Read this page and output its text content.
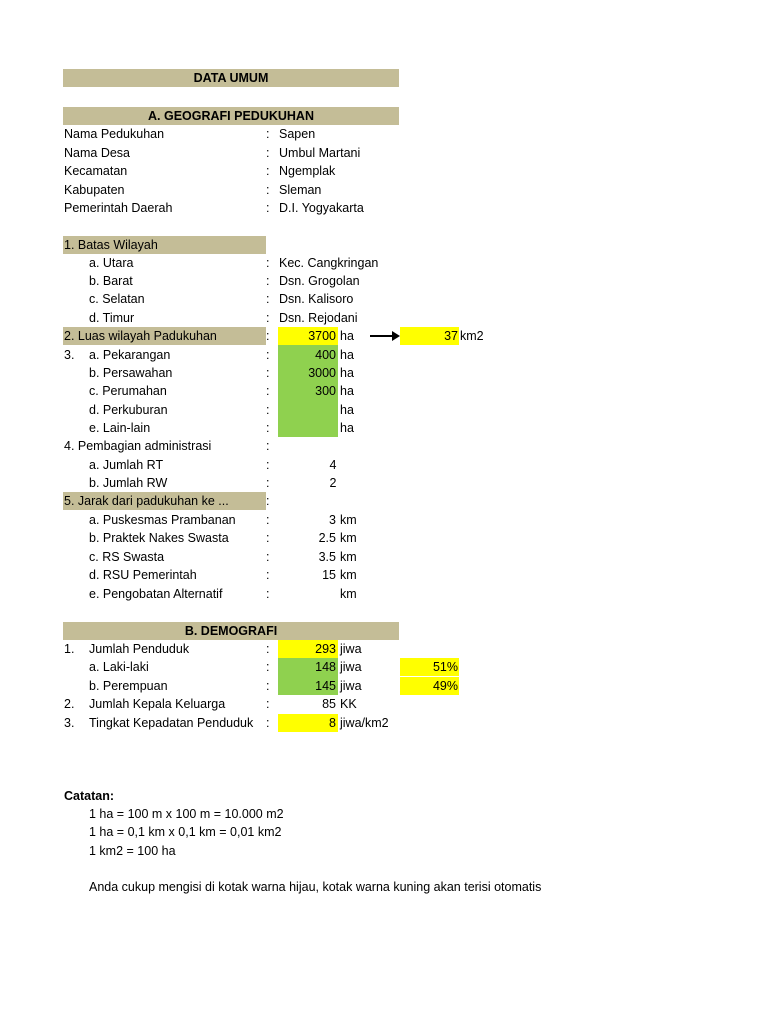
DATA UMUM
A. GEOGRAFI PEDUKUHAN
Nama Pedukuhan	: Sapen
Nama Desa	: Umbul Martani
Kecamatan	: Ngemplak
Kabupaten	: Sleman
Pemerintah Daerah	: D.I. Yogyakarta
1. Batas Wilayah
a. Utara	: Kec. Cangkringan
b. Barat	: Dsn. Grogolan
c. Selatan	: Dsn. Kalisoro
d. Timur	: Dsn. Rejodani
2. Luas wilayah Padukuhan	:	3700 ha	37 km2
3. a. Pekarangan	:	400 ha
b. Persawahan	:	3000 ha
c. Perumahan	:	300 ha
d. Perkuburan	:	ha
e. Lain-lain	:	ha
4. Pembagian administrasi	:
a. Jumlah RT	:	4
b. Jumlah RW	:	2
5. Jarak dari padukuhan ke ...	:
a. Puskesmas Prambanan :	3 km
b. Praktek Nakes Swasta	:	2.5 km
c. RS Swasta	:	3.5 km
d. RSU Pemerintah	:	15 km
e. Pengobatan Alternatif	:	km
B. DEMOGRAFI
1. Jumlah Penduduk	:	293 jiwa
a. Laki-laki	:	148 jiwa	51%
b. Perempuan	:	145 jiwa	49%
2. Jumlah Kepala Keluarga	:	85 KK
3. Tingkat Kepadatan Penduduk :	8 jiwa/km2
Catatan:
1 ha = 100 m x 100 m = 10.000 m2
1 ha = 0,1 km x 0,1 km = 0,01 km2
1 km2 = 100 ha
Anda cukup mengisi di kotak warna hijau, kotak warna kuning akan terisi otomatis
